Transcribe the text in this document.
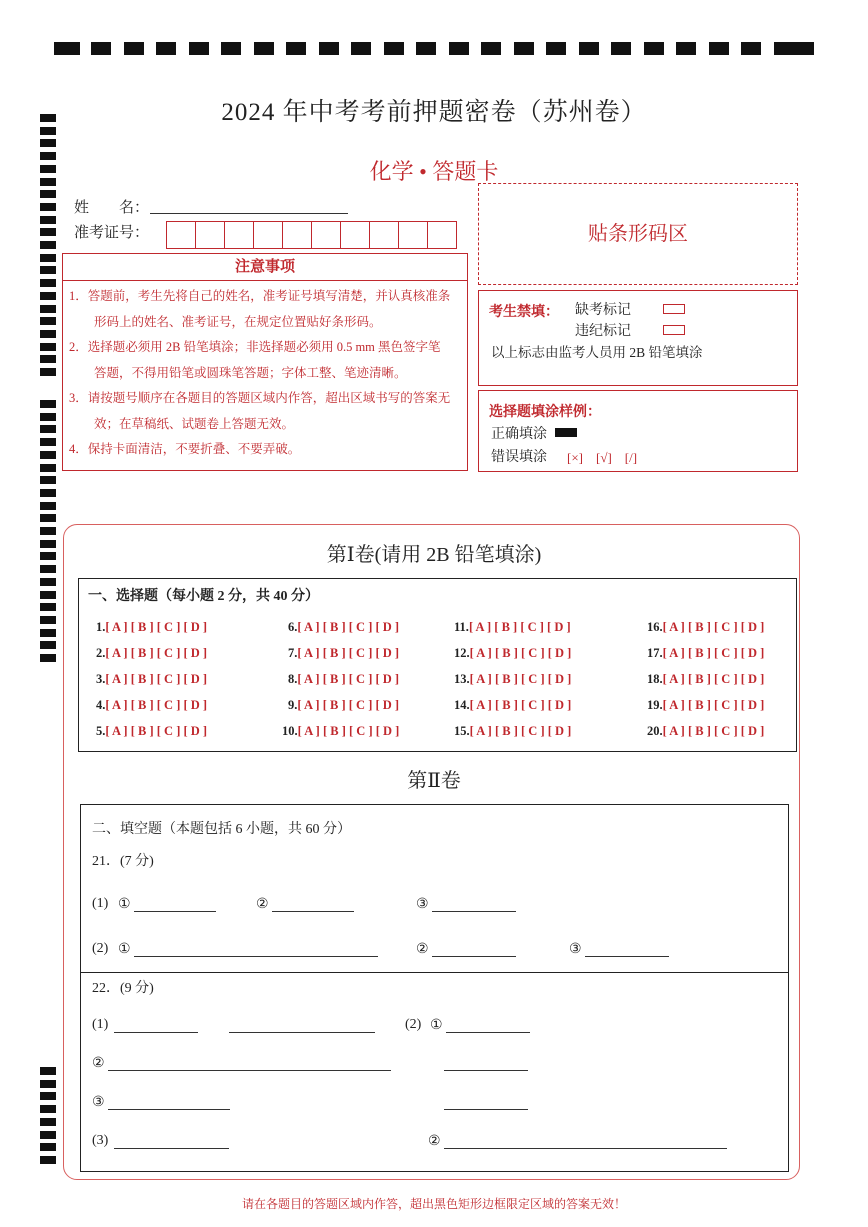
2024 年中考考前押题密卷（苏州卷）
化学 • 答题卡
姓　　名：
准考证号：
注意事项
1．答题前，考生先将自己的姓名，准考证号填写清楚，并认真核准条
　　形码上的姓名、准考证号，在规定位置贴好条形码。
2．选择题必须用 2B 铅笔填涂；非选择题必须用 0.5 mm 黑色签字笔
　　答题，不得用铅笔或圆珠笔答题；字体工整、笔迹清晰。
3．请按题号顺序在各题目的答题区域内作答，超出区域书写的答案无
　　效；在草稿纸、试题卷上答题无效。
4．保持卡面清洁，不要折叠、不要弄破。
贴条形码区
考生禁填： 缺考标记
违纪标记
以上标志由监考人员用 2B 铅笔填涂
选择题填涂样例：
正确填涂
错误填涂 [×]　[√]　[/]
第Ⅰ卷(请用 2B 铅笔填涂)
一、选择题（每小题 2 分，共 40 分）
1.[ A ] [ B ] [ C ] [ D ]
2.[ A ] [ B ] [ C ] [ D ]
3.[ A ] [ B ] [ C ] [ D ]
4.[ A ] [ B ] [ C ] [ D ]
5.[ A ] [ B ] [ C ] [ D ]
6.[ A ] [ B ] [ C ] [ D ]
7.[ A ] [ B ] [ C ] [ D ]
8.[ A ] [ B ] [ C ] [ D ]
9.[ A ] [ B ] [ C ] [ D ]
10.[ A ] [ B ] [ C ] [ D ]
11.[ A ] [ B ] [ C ] [ D ]
12.[ A ] [ B ] [ C ] [ D ]
13.[ A ] [ B ] [ C ] [ D ]
14.[ A ] [ B ] [ C ] [ D ]
15.[ A ] [ B ] [ C ] [ D ]
16.[ A ] [ B ] [ C ] [ D ]
17.[ A ] [ B ] [ C ] [ D ]
18.[ A ] [ B ] [ C ] [ D ]
19.[ A ] [ B ] [ C ] [ D ]
20.[ A ] [ B ] [ C ] [ D ]
第Ⅱ卷
二、填空题（本题包括 6 小题，共 60 分）
21．(7 分)
(1) ①	②	③
(2) ①	②	③
22．(9 分)
(1)	(2) ①
②
③
(3)	②
请在各题目的答题区域内作答，超出黑色矩形边框限定区域的答案无效！
